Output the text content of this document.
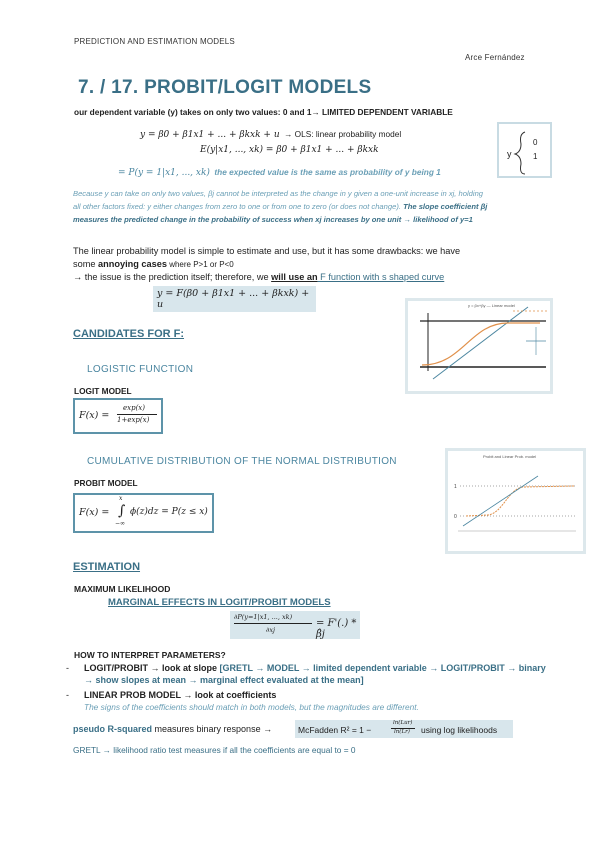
PREDICTION AND ESTIMATION MODELS
Arce Fernández
7. / 17. PROBIT/LOGIT MODELS
our dependent variable (y) takes on only two values: 0 and 1→ LIMITED DEPENDENT VARIABLE
y = β0 + β1x1 + ... + βkxk + u → OLS: linear probability model
E(y|x1, ..., xk) = β0 + β1x1 + ... + βkxk
= P(y = 1|x1, ..., xk) the expected value is the same as probability of y being 1
y
0
1
Because y can take on only two values, βj cannot be interpreted as the change in y given a one-unit increase in xj, holding
all other factors fixed: y either changes from zero to one or from one to zero (or does not change). The slope coefficient βj
measures the predicted change in the probability of success when xj increases by one unit → likelihood of y=1
The linear probability model is simple to estimate and use, but it has some drawbacks: we have
some annoying cases where P>1 or P<0
→ the issue is the prediction itself; therefore, we will use an F function with s shaped curve
y = F(β0 + β1x1 + ... + βkxk) + u
CANDIDATES FOR F:
y = βx+βy — Linear model
LOGISTIC FUNCTION
LOGIT MODEL
F(x) =
exp(x)
1+exp(x)
CUMULATIVE DISTRIBUTION OF THE NORMAL DISTRIBUTION
PROBIT MODEL
F(x) = ∫
x
−∞
ϕ(z)dz = P(z ≤ x)
Probit and Linear Prob. model
1
0
ESTIMATION
MAXIMUM LIKELIHOOD
MARGINAL EFFECTS IN LOGIT/PROBIT MODELS
∂P(y=1|x1, ..., xk)
∂xj
= F'(.) * β̂j
HOW TO INTERPRET PARAMETERS?
- LOGIT/PROBIT → look at slope [GRETL → MODEL → limited dependent variable → LOGIT/PROBIT → binary
→ show slopes at mean → marginal effect evaluated at the mean]
- LINEAR PROB MODEL → look at coefficients
The signs of the coefficients should match in both models, but the magnitudes are different.
pseudo R-squared measures binary response →	McFadden R² = 1 −
ln(Lur)
ln(Lr) using log likelihoods
GRETL → likelihood ratio test measures if all the coefficients are equal to = 0
